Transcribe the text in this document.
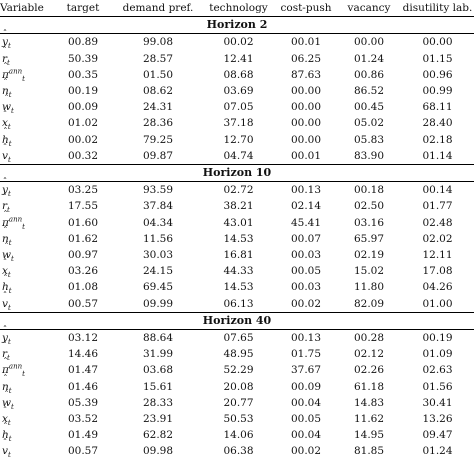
Variable	target	demand pref.	technology	cost-push	vacancy	disutility lab.
Horizon 2						
ˆ $y_t$	00.89	99.08	00.02	00.01	00.00	00.00
ˆ $r_t$	50.39	28.57	12.41	06.25	01.24	01.15
ˆ $\pi^{ann}_t$	00.35	01.50	08.68	87.63	00.86	00.96
ˆ $n_t$	00.19	08.62	03.69	00.00	86.52	00.99
ˆ $w_t$	00.09	24.31	07.05	00.00	00.45	68.11
ˆ $x_t$	01.02	28.36	37.18	00.00	05.02	28.40
ˆ $h_t$	00.02	79.25	12.70	00.00	05.83	02.18
ˆ $v_t$	00.32	09.87	04.74	00.01	83.90	01.14
Horizon 10						
ˆ $y_t$	03.25	93.59	02.72	00.13	00.18	00.14
ˆ $r_t$	17.55	37.84	38.21	02.14	02.50	01.77
ˆ $\pi^{ann}_t$	01.60	04.34	43.01	45.41	03.16	02.48
ˆ $n_t$	01.62	11.56	14.53	00.07	65.97	02.02
ˆ $w_t$	00.97	30.03	16.81	00.03	02.19	12.11
ˆ $x_t$	03.26	24.15	44.33	00.05	15.02	17.08
ˆ $h_t$	01.08	69.45	14.53	00.03	11.80	04.26
ˆ $v_t$	00.57	09.99	06.13	00.02	82.09	01.00
Horizon 40						
ˆ $y_t$	03.12	88.64	07.65	00.13	00.28	00.19
ˆ $r_t$	14.46	31.99	48.95	01.75	02.12	01.09
ˆ $\pi^{ann}_t$	01.47	03.68	52.29	37.67	02.26	02.63
ˆ $n_t$	01.46	15.61	20.08	00.09	61.18	01.56
ˆ $w_t$	05.39	28.33	20.77	00.04	14.83	30.41
ˆ $x_t$	03.52	23.91	50.53	00.05	11.62	13.26
ˆ $h_t$	01.49	62.82	14.06	00.04	14.95	09.47
ˆ $v_t$	00.57	09.98	06.38	00.02	81.85	01.24
